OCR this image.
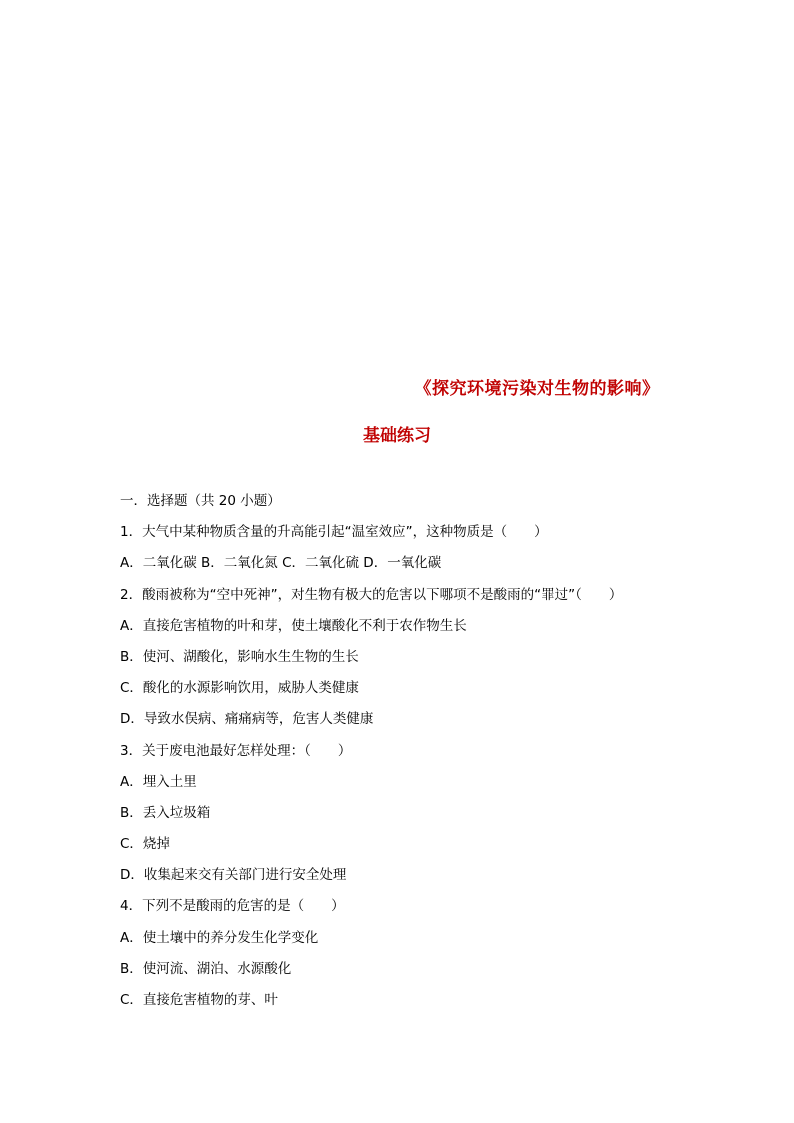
《探究环境污染对生物的影响》
基础练习
一．选择题（共 20 小题）
1．大气中某种物质含量的升高能引起“温室效应”，这种物质是（　　）
A．二氧化碳 B．二氧化氮 C．二氧化硫 D．一氧化碳
2．酸雨被称为“空中死神”，对生物有极大的危害以下哪项不是酸雨的“罪过”（　　）
A．直接危害植物的叶和芽，使土壤酸化不利于农作物生长
B．使河、湖酸化，影响水生生物的生长
C．酸化的水源影响饮用，威胁人类健康
D．导致水俣病、痛痛病等，危害人类健康
3．关于废电池最好怎样处理：（　　）
A．埋入土里
B．丢入垃圾箱
C．烧掉
D．收集起来交有关部门进行安全处理
4．下列不是酸雨的危害的是（　　）
A．使土壤中的养分发生化学变化
B．使河流、湖泊、水源酸化
C．直接危害植物的芽、叶
